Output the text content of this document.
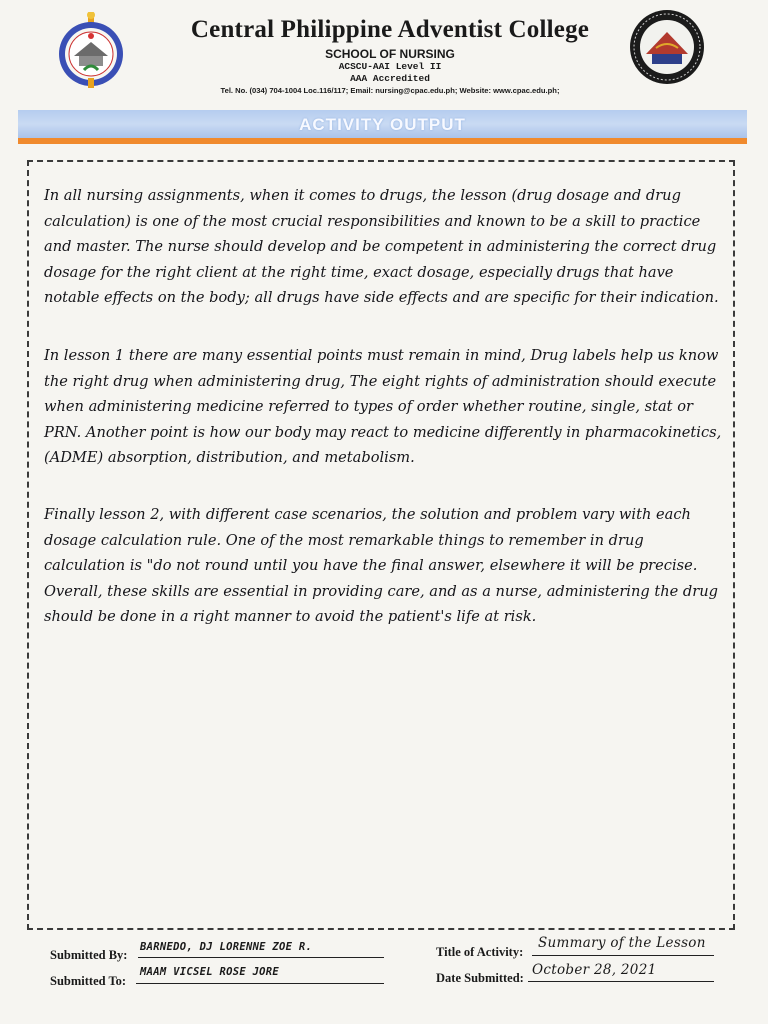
Central Philippine Adventist College
SCHOOL OF NURSING
ACSCU-AAI Level II
AAA Accredited
Tel. No. (034) 704-1004 Loc.116/117; Email: nursing@cpac.edu.ph; Website: www.cpac.edu.ph;
ACTIVITY OUTPUT

In all nursing assignments, when it comes to drugs, the lesson (drug dosage and drug calculation) is one of the most crucial responsibilities and known to be a skill to practice and master. The nurse should develop and be competent in administering the correct drug dosage for the right client at the right time, exact dosage, especially drugs that have notable effects on the body; all drugs have side effects and are specific for their indication.

In lesson 1 there are many essential points must remain in mind, Drug labels help us know the right drug when administering drug, The eight rights of administration should execute when administering medicine referred to types of order whether routine, single, stat or PRN. Another point is how our body may react to medicine differently in pharmacokinetics, (ADME) absorption, distribution, and metabolism.

Finally lesson 2, with different case scenarios, the solution and problem vary with each dosage calculation rule. One of the most remarkable things to remember in drug calculation is "do not round until you have the final answer, elsewhere it will be precise. Overall, these skills are essential in providing care, and as a nurse, administering the drug should be done in a right manner to avoid the patient's life at risk.

Submitted By:
BARNEDO, DJ LORENNE ZOE R.
Submitted To:
MAAM VICSEL ROSE JORE
Title of Activity:
Summary of the Lesson
Date Submitted: October 28, 2021
